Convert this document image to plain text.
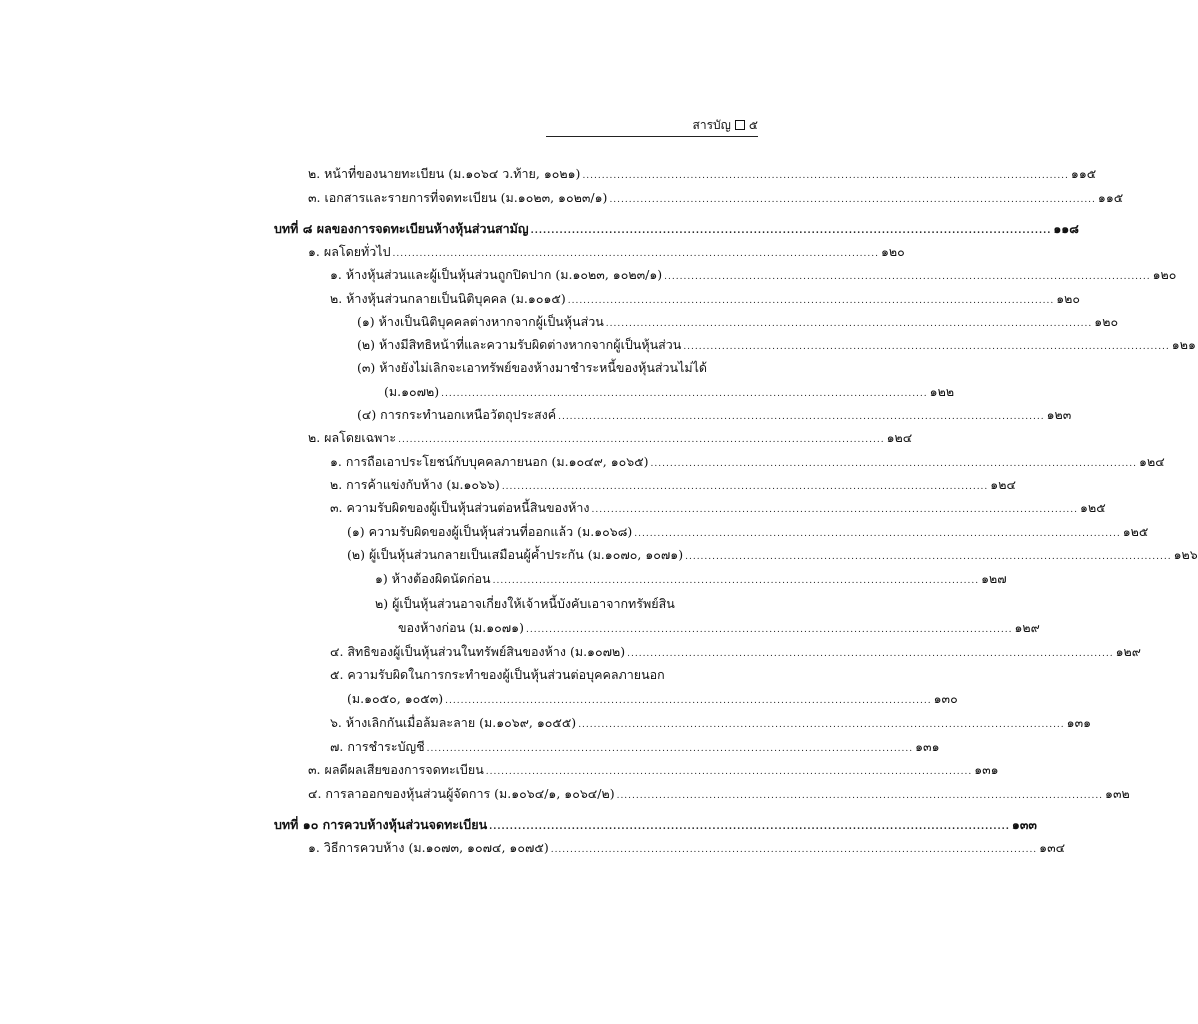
สารบัญ ๕
๒. หน้าที่ของนายทะเบียน (ม.๑๐๖๔ ว.ท้าย, ๑๐๒๑) .............................................................................................................................. ๑๑๕
๓. เอกสารและรายการที่จดทะเบียน (ม.๑๐๒๓, ๑๐๒๓/๑) .............................................................................................................................. ๑๑๕
บทที่ ๘ ผลของการจดทะเบียนห้างหุ้นส่วนสามัญ .............................................................................................................................. ๑๑๘
๑. ผลโดยทั่วไป .............................................................................................................................. ๑๒๐
๑. ห้างหุ้นส่วนและผู้เป็นหุ้นส่วนถูกปิดปาก (ม.๑๐๒๓, ๑๐๒๓/๑) .............................................................................................................................. ๑๒๐
๒. ห้างหุ้นส่วนกลายเป็นนิติบุคคล (ม.๑๐๑๕) .............................................................................................................................. ๑๒๐
(๑) ห้างเป็นนิติบุคคลต่างหากจากผู้เป็นหุ้นส่วน .............................................................................................................................. ๑๒๐
(๒) ห้างมีสิทธิหน้าที่และความรับผิดต่างหากจากผู้เป็นหุ้นส่วน .............................................................................................................................. ๑๒๑
(๓) ห้างยังไม่เลิกจะเอาทรัพย์ของห้างมาชำระหนี้ของหุ้นส่วนไม่ได้
(ม.๑๐๗๒) .............................................................................................................................. ๑๒๒
(๔) การกระทำนอกเหนือวัตถุประสงค์ .............................................................................................................................. ๑๒๓
๒. ผลโดยเฉพาะ .............................................................................................................................. ๑๒๔
๑. การถือเอาประโยชน์กับบุคคลภายนอก (ม.๑๐๔๙, ๑๐๖๕) .............................................................................................................................. ๑๒๔
๒. การค้าแข่งกับห้าง (ม.๑๐๖๖) .............................................................................................................................. ๑๒๔
๓. ความรับผิดของผู้เป็นหุ้นส่วนต่อหนี้สินของห้าง .............................................................................................................................. ๑๒๕
(๑) ความรับผิดของผู้เป็นหุ้นส่วนที่ออกแล้ว (ม.๑๐๖๘) .............................................................................................................................. ๑๒๕
(๒) ผู้เป็นหุ้นส่วนกลายเป็นเสมือนผู้ค้ำประกัน (ม.๑๐๗๐, ๑๐๗๑) .............................................................................................................................. ๑๒๖
๑) ห้างต้องผิดนัดก่อน .............................................................................................................................. ๑๒๗
๒) ผู้เป็นหุ้นส่วนอาจเกี่ยงให้เจ้าหนี้บังคับเอาจากทรัพย์สิน
ของห้างก่อน (ม.๑๐๗๑) .............................................................................................................................. ๑๒๙
๔. สิทธิของผู้เป็นหุ้นส่วนในทรัพย์สินของห้าง (ม.๑๐๗๒) .............................................................................................................................. ๑๒๙
๕. ความรับผิดในการกระทำของผู้เป็นหุ้นส่วนต่อบุคคลภายนอก
(ม.๑๐๕๐, ๑๐๕๓) .............................................................................................................................. ๑๓๐
๖. ห้างเลิกกันเมื่อล้มละลาย (ม.๑๐๖๙, ๑๐๕๕) .............................................................................................................................. ๑๓๑
๗. การชำระบัญชี .............................................................................................................................. ๑๓๑
๓. ผลดีผลเสียของการจดทะเบียน .............................................................................................................................. ๑๓๑
๔. การลาออกของหุ้นส่วนผู้จัดการ (ม.๑๐๖๔/๑, ๑๐๖๔/๒) .............................................................................................................................. ๑๓๒
บทที่ ๑๐ การควบห้างหุ้นส่วนจดทะเบียน .............................................................................................................................. ๑๓๓
๑. วิธีการควบห้าง (ม.๑๐๗๓, ๑๐๗๔, ๑๐๗๕) .............................................................................................................................. ๑๓๔
